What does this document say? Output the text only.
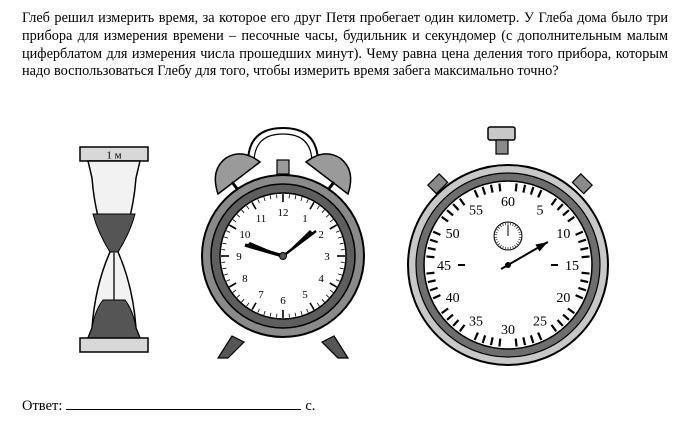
Глеб решил измерить время, за которое его друг Петя пробегает один километр. У Глеба дома было три прибора для измерения времени – песочные часы, будильник и секундомер (с дополнительным малым циферблатом для измерения числа прошедших минут). Чему равна цена деления того прибора, которым надо воспользоваться Глебу для того, чтобы измерить время забега максимально точно?

1 м
12 1
2
3
4
5
6
7
8
9
10
11
60
5
10
15
20
25
30
35
40
45
50
55
Ответ:	с.
